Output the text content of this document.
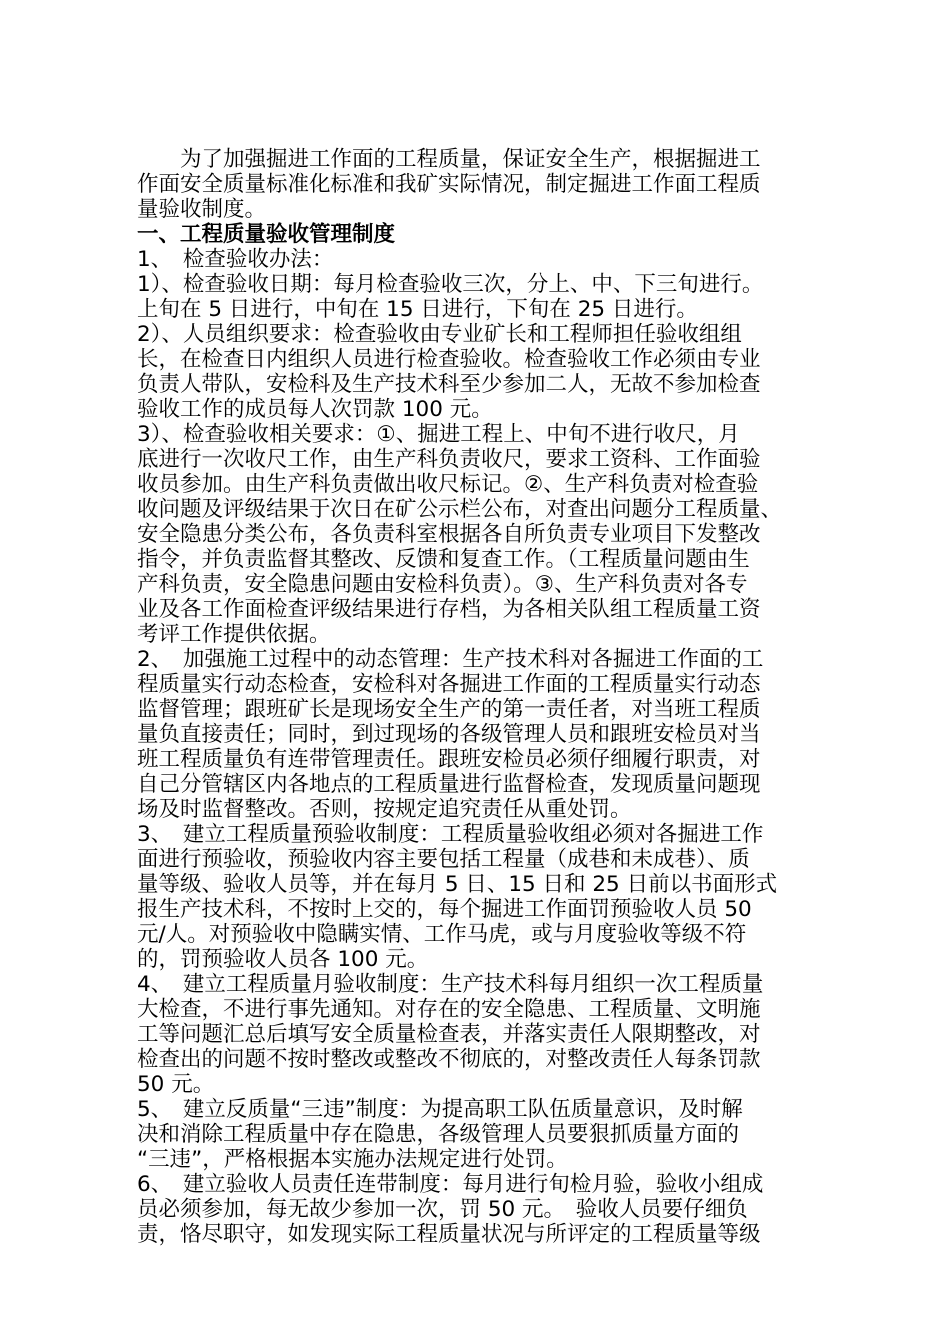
为了加强掘进工作面的工程质量，保证安全生产，根据掘进工
作面安全质量标准化标准和我矿实际情况，制定掘进工作面工程质
量验收制度。
一、工程质量验收管理制度
1、　检查验收办法：
1）、检查验收日期：每月检查验收三次，分上、中、下三旬进行。
上旬在 5 日进行，中旬在 15 日进行，下旬在 25 日进行。
2）、人员组织要求：检查验收由专业矿长和工程师担任验收组组
长，在检查日内组织人员进行检查验收。检查验收工作必须由专业
负责人带队，安检科及生产技术科至少参加二人，无故不参加检查
验收工作的成员每人次罚款 100 元。
3）、检查验收相关要求：①、掘进工程上、中旬不进行收尺，月
底进行一次收尺工作，由生产科负责收尺，要求工资科、工作面验
收员参加。由生产科负责做出收尺标记。②、生产科负责对检查验
收问题及评级结果于次日在矿公示栏公布，对查出问题分工程质量、
安全隐患分类公布，各负责科室根据各自所负责专业项目下发整改
指令，并负责监督其整改、反馈和复查工作。（工程质量问题由生
产科负责，安全隐患问题由安检科负责）。③、生产科负责对各专
业及各工作面检查评级结果进行存档，为各相关队组工程质量工资
考评工作提供依据。
2、　加强施工过程中的动态管理：生产技术科对各掘进工作面的工
程质量实行动态检查，安检科对各掘进工作面的工程质量实行动态
监督管理；跟班矿长是现场安全生产的第一责任者，对当班工程质
量负直接责任；同时，到过现场的各级管理人员和跟班安检员对当
班工程质量负有连带管理责任。跟班安检员必须仔细履行职责，对
自己分管辖区内各地点的工程质量进行监督检查，发现质量问题现
场及时监督整改。否则，按规定追究责任从重处罚。
3、　建立工程质量预验收制度：工程质量验收组必须对各掘进工作
面进行预验收，预验收内容主要包括工程量（成巷和未成巷）、质
量等级、验收人员等，并在每月 5 日、15 日和 25 日前以书面形式
报生产技术科，不按时上交的，每个掘进工作面罚预验收人员 50
元/人。对预验收中隐瞒实情、工作马虎，或与月度验收等级不符
的，罚预验收人员各 100 元。
4、　建立工程质量月验收制度：生产技术科每月组织一次工程质量
大检查，不进行事先通知。对存在的安全隐患、工程质量、文明施
工等问题汇总后填写安全质量检查表，并落实责任人限期整改，对
检查出的问题不按时整改或整改不彻底的，对整改责任人每条罚款
50 元。
5、　建立反质量“三违”制度：为提高职工队伍质量意识，及时解
决和消除工程质量中存在隐患，各级管理人员要狠抓质量方面的
“三违”，严格根据本实施办法规定进行处罚。
6、　建立验收人员责任连带制度：每月进行旬检月验，验收小组成
员必须参加，每无故少参加一次，罚 50 元。　验收人员要仔细负
责，恪尽职守，如发现实际工程质量状况与所评定的工程质量等级
